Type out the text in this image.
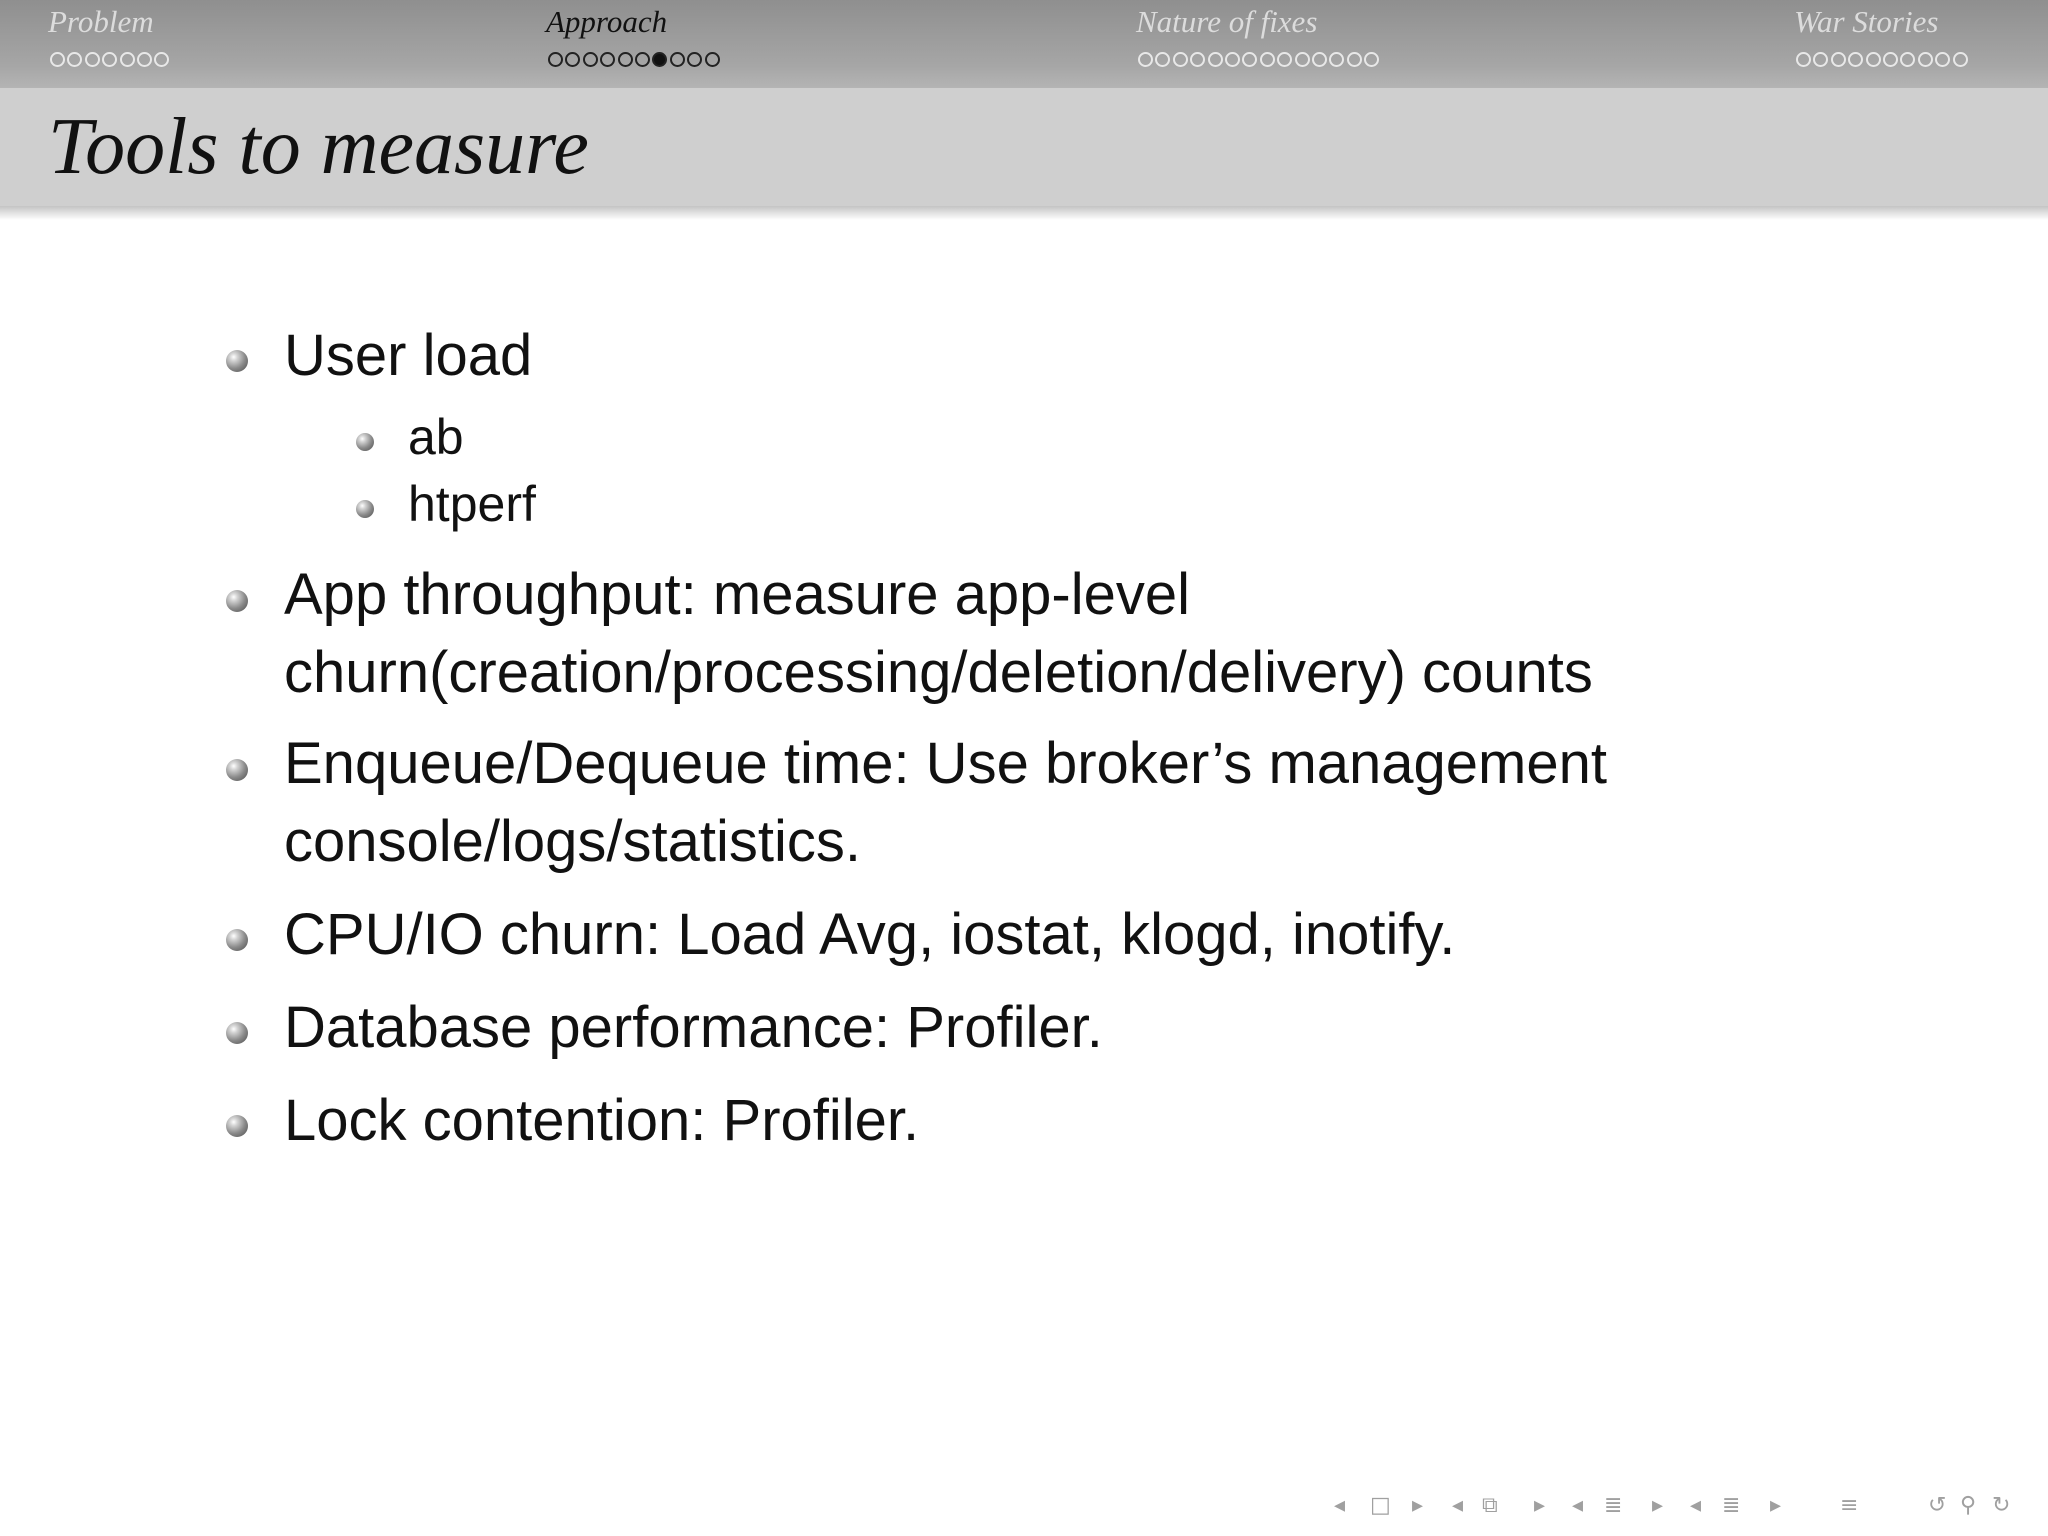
Problem	Approach	Nature of fixes	War Stories
Tools to measure
User load
ab
htperf
App throughput: measure app-level
churn(creation/processing/deletion/delivery) counts
Enqueue/Dequeue time: Use broker’s management
console/logs/statistics.
CPU/IO churn: Load Avg, iostat, klogd, inotify.
Database performance: Profiler.
Lock contention: Profiler.
◂ □ ▸ ◂ ⧉ ▸ ◂ ≣ ▸ ◂ ≣ ▸	≡	↺ ⚲ ↻
